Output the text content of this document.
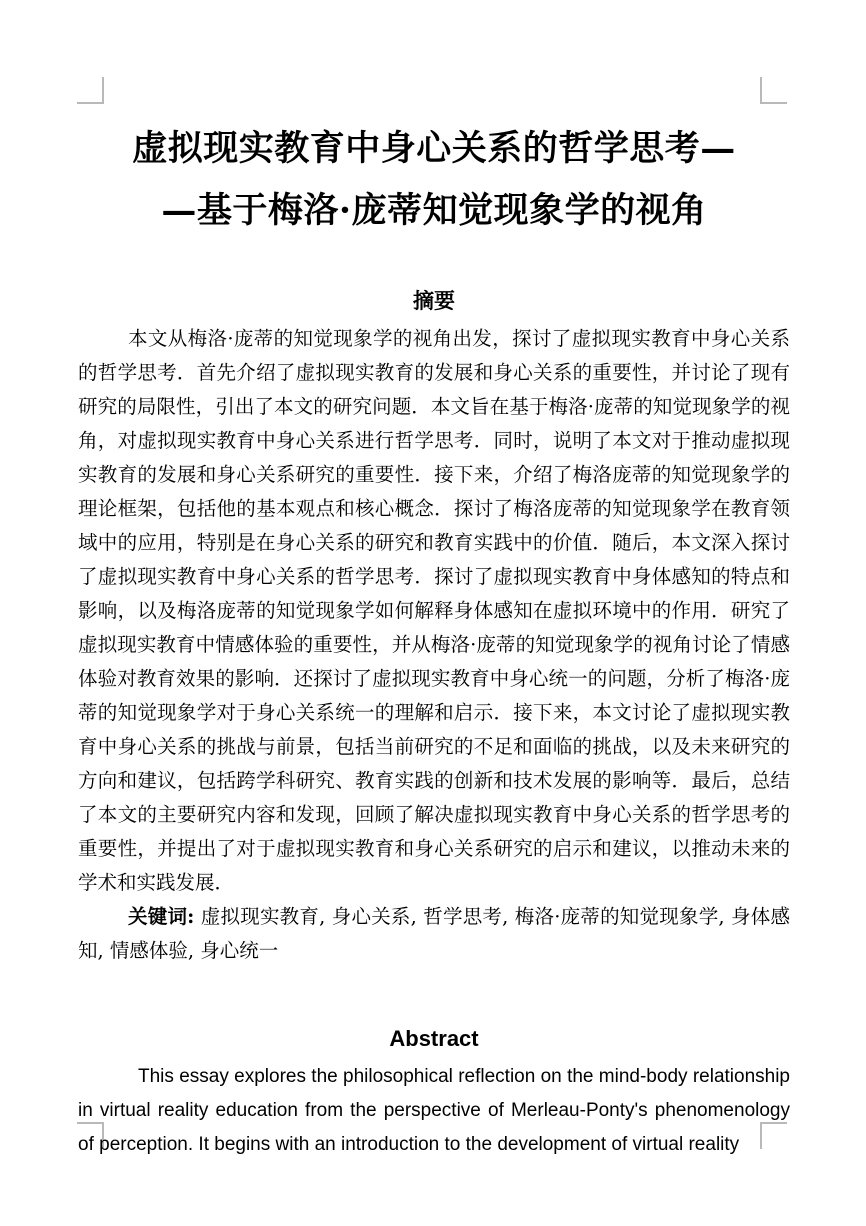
虚拟现实教育中身心关系的哲学思考—
—基于梅洛·庞蒂知觉现象学的视角
摘要

本文从梅洛·庞蒂的知觉现象学的视角出发，探讨了虚拟现实教育中身心关系的哲学思考．首先介绍了虚拟现实教育的发展和身心关系的重要性，并讨论了现有研究的局限性，引出了本文的研究问题．本文旨在基于梅洛·庞蒂的知觉现象学的视角，对虚拟现实教育中身心关系进行哲学思考．同时，说明了本文对于推动虚拟现实教育的发展和身心关系研究的重要性．接下来，介绍了梅洛庞蒂的知觉现象学的理论框架，包括他的基本观点和核心概念．探讨了梅洛庞蒂的知觉现象学在教育领域中的应用，特别是在身心关系的研究和教育实践中的价值．随后，本文深入探讨了虚拟现实教育中身心关系的哲学思考．探讨了虚拟现实教育中身体感知的特点和影响，以及梅洛庞蒂的知觉现象学如何解释身体感知在虚拟环境中的作用．研究了虚拟现实教育中情感体验的重要性，并从梅洛·庞蒂的知觉现象学的视角讨论了情感体验对教育效果的影响．还探讨了虚拟现实教育中身心统一的问题，分析了梅洛·庞蒂的知觉现象学对于身心关系统一的理解和启示．接下来，本文讨论了虚拟现实教育中身心关系的挑战与前景，包括当前研究的不足和面临的挑战，以及未来研究的方向和建议，包括跨学科研究、教育实践的创新和技术发展的影响等．最后，总结了本文的主要研究内容和发现，回顾了解决虚拟现实教育中身心关系的哲学思考的重要性，并提出了对于虚拟现实教育和身心关系研究的启示和建议，以推动未来的学术和实践发展．

关键词: 虚拟现实教育, 身心关系, 哲学思考, 梅洛·庞蒂的知觉现象学, 身体感知, 情感体验, 身心统一

Abstract

This essay explores the philosophical reflection on the mind-body relationship in virtual reality education from the perspective of Merleau-Ponty's phenomenology of perception. It begins with an introduction to the development of virtual reality
